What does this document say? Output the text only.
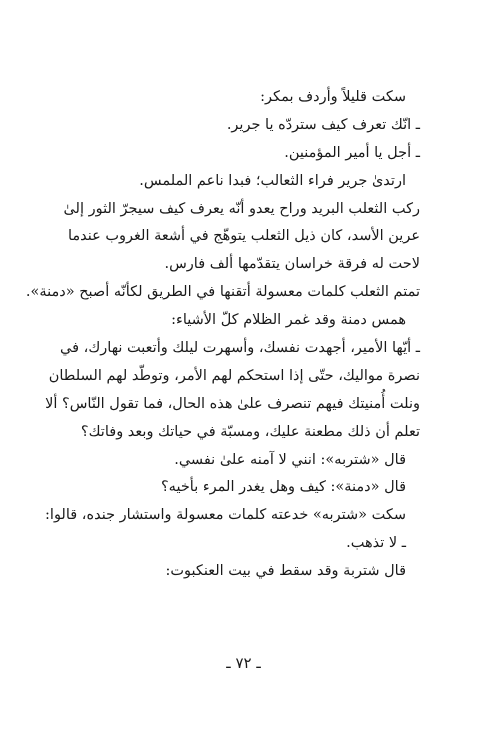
سكت قليلاً وأردف بمكر:
ـ انّك تعرف كيف ستردّه يا جرير.
ـ أجل يا أمير المؤمنين.
ارتدىٰ جرير فراء الثعالب؛ فبدا ناعم الملمس.
ركب الثعلب البريد وراح يعدو أنّه يعرف كيف سيجرّ الثور إلىٰ
عرين الأسد، كان ذيل الثعلب يتوهّج في أشعة الغروب عندما
لاحت له فرقة خراسان يتقدّمها ألف فارس.
تمتم الثعلب كلمات معسولة أتقنها في الطريق لكأنّه أصبح «دمنة».
همس دمنة وقد غمر الظلام كلّ الأشياء:
ـ أيّها الأمير، أجهدت نفسك، وأسهرت ليلك وأتعبت نهارك، في
نصرة مواليك، حتّى إذا استحكم لهم الأمر، وتوطّد لهم السلطان
ونلت أُمنيتك فيهم تنصرف علىٰ هذه الحال، فما تقول النّاس؟ ألا
تعلم أن ذلك مطعنة عليك، ومسبّة في حياتك وبعد وفاتك؟
قال «شتربه»: انني لا آمنه علىٰ نفسي.
قال «دمنة»: كيف وهل يغدر المرء بأخيه؟
سكت «شتربه» خدعته كلمات معسولة واستشار جنده، قالوا:
ـ لا تذهب.
قال شتربة وقد سقط في بيت العنكبوت:
ـ ٧٢ ـ
